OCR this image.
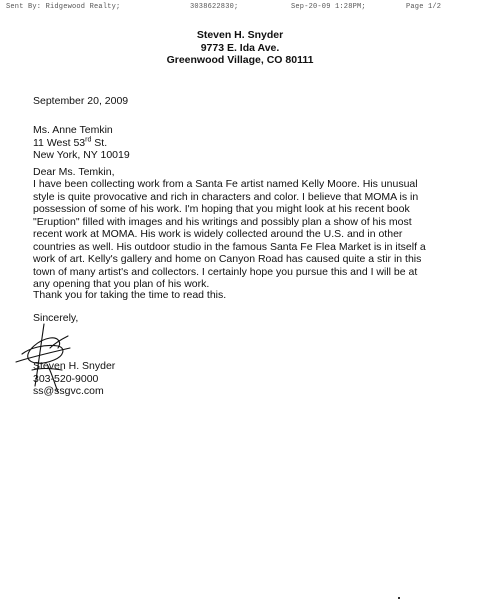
Sent By: Ridgewood Realty;	3038622830;	Sep-20-09 1:28PM;	Page 1/2
Steven H. Snyder
9773 E. Ida Ave.
Greenwood Village, CO 80111
September 20, 2009
Ms. Anne Temkin
11 West 53rd St.
New York, NY 10019
Dear Ms. Temkin,
I have been collecting work from a Santa Fe artist named Kelly Moore. His unusual
style is quite provocative and rich in characters and color. I believe that MOMA is in
possession of some of his work. I'm hoping that you might look at his recent book
"Eruption" filled with images and his writings and possibly plan a show of his most
recent work at MOMA. His work is widely collected around the U.S. and in other
countries as well. His outdoor studio in the famous Santa Fe Flea Market is in itself a
work of art. Kelly's gallery and home on Canyon Road has caused quite a stir in this
town of many artist's and collectors. I certainly hope you pursue this and I will be at
any opening that you plan of his work.
Thank you for taking the time to read this.
Sincerely,
Steven H. Snyder
303-520-9000
ss@ssgvc.com
